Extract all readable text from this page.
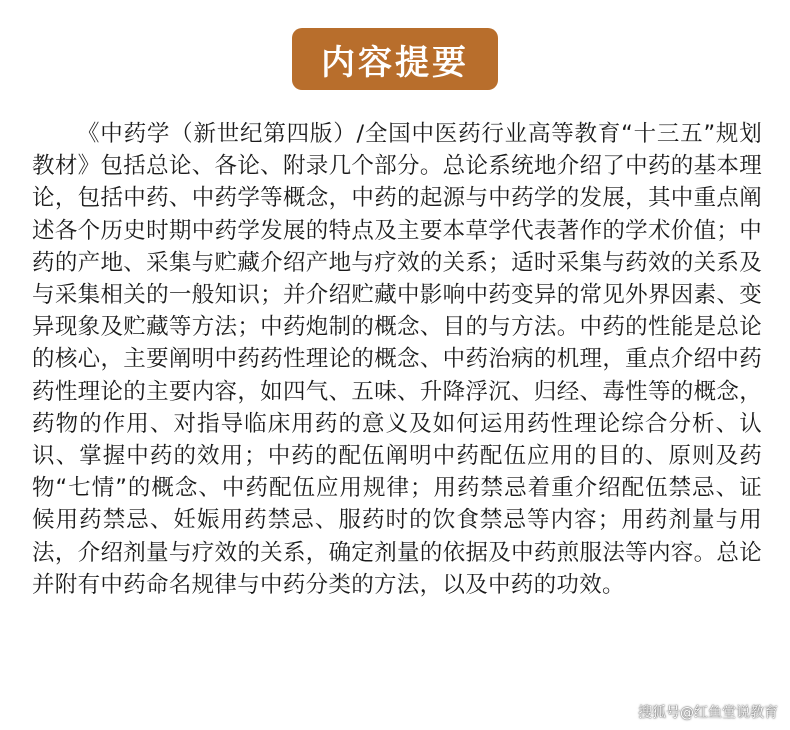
内容提要

《中药学（新世纪第四版）/全国中医药行业高等教育“十三五”规划教材》包括总论、各论、附录几个部分。总论系统地介绍了中药的基本理论，包括中药、中药学等概念，中药的起源与中药学的发展，其中重点阐述各个历史时期中药学发展的特点及主要本草学代表著作的学术价值；中药的产地、采集与贮藏介绍产地与疗效的关系；适时采集与药效的关系及与采集相关的一般知识；并介绍贮藏中影响中药变异的常见外界因素、变异现象及贮藏等方法；中药炮制的概念、目的与方法。中药的性能是总论的核心，主要阐明中药药性理论的概念、中药治病的机理，重点介绍中药药性理论的主要内容，如四气、五味、升降浮沉、归经、毒性等的概念，药物的作用、对指导临床用药的意义及如何运用药性理论综合分析、认识、掌握中药的效用；中药的配伍阐明中药配伍应用的目的、原则及药物“七情”的概念、中药配伍应用规律；用药禁忌着重介绍配伍禁忌、证候用药禁忌、妊娠用药禁忌、服药时的饮食禁忌等内容；用药剂量与用法，介绍剂量与疗效的关系，确定剂量的依据及中药煎服法等内容。总论并附有中药命名规律与中药分类的方法，以及中药的功效。

搜狐号@红鱼堂说教育
